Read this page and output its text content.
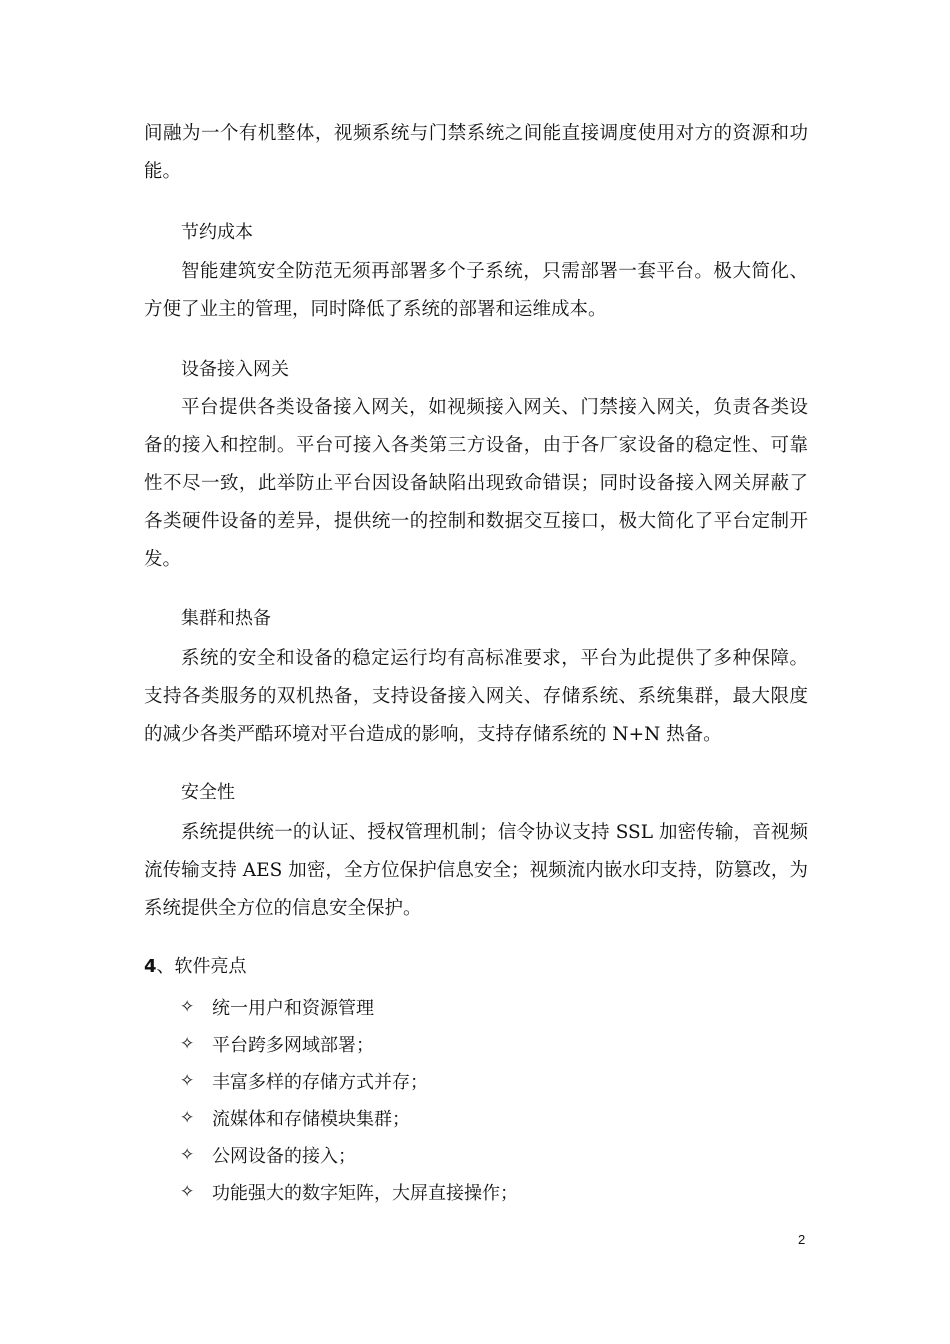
间融为一个有机整体，视频系统与门禁系统之间能直接调度使用对方的资源和功能。

节约成本

智能建筑安全防范无须再部署多个子系统，只需部署一套平台。极大简化、方便了业主的管理，同时降低了系统的部署和运维成本。

设备接入网关

平台提供各类设备接入网关，如视频接入网关、门禁接入网关，负责各类设备的接入和控制。平台可接入各类第三方设备，由于各厂家设备的稳定性、可靠性不尽一致，此举防止平台因设备缺陷出现致命错误；同时设备接入网关屏蔽了各类硬件设备的差异，提供统一的控制和数据交互接口，极大简化了平台定制开发。

集群和热备

系统的安全和设备的稳定运行均有高标准要求，平台为此提供了多种保障。支持各类服务的双机热备，支持设备接入网关、存储系统、系统集群，最大限度的减少各类严酷环境对平台造成的影响，支持存储系统的 N+N 热备。

安全性

系统提供统一的认证、授权管理机制；信令协议支持 SSL 加密传输，音视频流传输支持 AES 加密，全方位保护信息安全；视频流内嵌水印支持，防篡改，为系统提供全方位的信息安全保护。

4、软件亮点

✧ 统一用户和资源管理
✧ 平台跨多网域部署；
✧ 丰富多样的存储方式并存；
✧ 流媒体和存储模块集群；
✧ 公网设备的接入；
✧ 功能强大的数字矩阵，大屏直接操作；
2
